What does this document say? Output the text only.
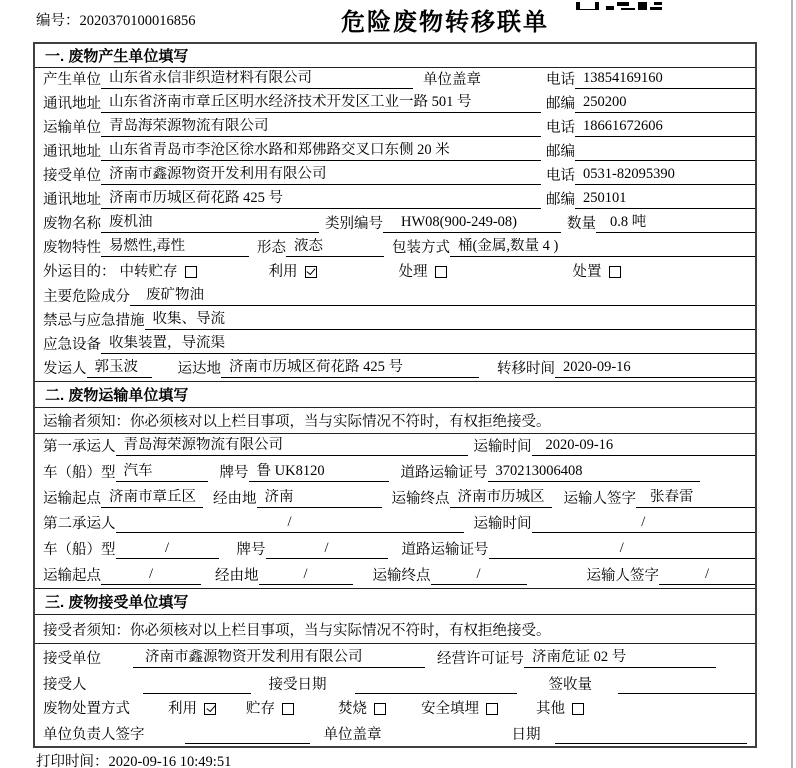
编号：2020370100016856	危险废物转移联单
一. 废物产生单位填写
产生单位 山东省永信非织造材料有限公司	单位盖章	电话 13854169160
通讯地址 山东省济南市章丘区明水经济技术开发区工业一路 501 号	邮编 250200
运输单位 青岛海荣源物流有限公司	电话 18661672606
通讯地址 山东省青岛市李沧区徐水路和郑佛路交叉口东侧 20 米	邮编
接受单位 济南市鑫源物资开发利用有限公司	电话 0531-82095390
通讯地址 济南市历城区荷花路 425 号	邮编 250101
废物名称 废机油	类别编号	HW08(900-249-08)	数量 0.8 吨
废物特性 易燃性,毒性	形态 液态	包装方式 桶(金属,数量 4 )
外运目的： 中转贮存	利用	处理	处置
主要危险成分	废矿物油
禁忌与应急措施 收集、导流
应急设备 收集装置，导流渠
发运人 郭玉波	运达地 济南市历城区荷花路 425 号	转移时间 2020-09-16
二. 废物运输单位填写
运输者须知：你必须核对以上栏目事项，当与实际情况不符时，有权拒绝接受。
第一承运人 青岛海荣源物流有限公司	运输时间 2020-09-16
车（船）型 汽车	牌号 鲁 UK8120	道路运输证号 370213006408
运输起点 济南市章丘区	经由地 济南	运输终点 济南市历城区	运输人签字 张春雷
第二承运人	/	运输时间	/
车（船）型	/	牌号	/	道路运输证号	/
运输起点	/	经由地	/	运输终点	/	运输人签字	/
三. 废物接受单位填写
接受者须知：你必须核对以上栏目事项，当与实际情况不符时，有权拒绝接受。
接受单位	济南市鑫源物资开发利用有限公司	经营许可证号 济南危证 02 号
接受人	接受日期	签收量
废物处置方式	利用	贮存	焚烧	安全填埋	其他
单位负责人签字	单位盖章	日期
打印时间：2020-09-16 10:49:51
